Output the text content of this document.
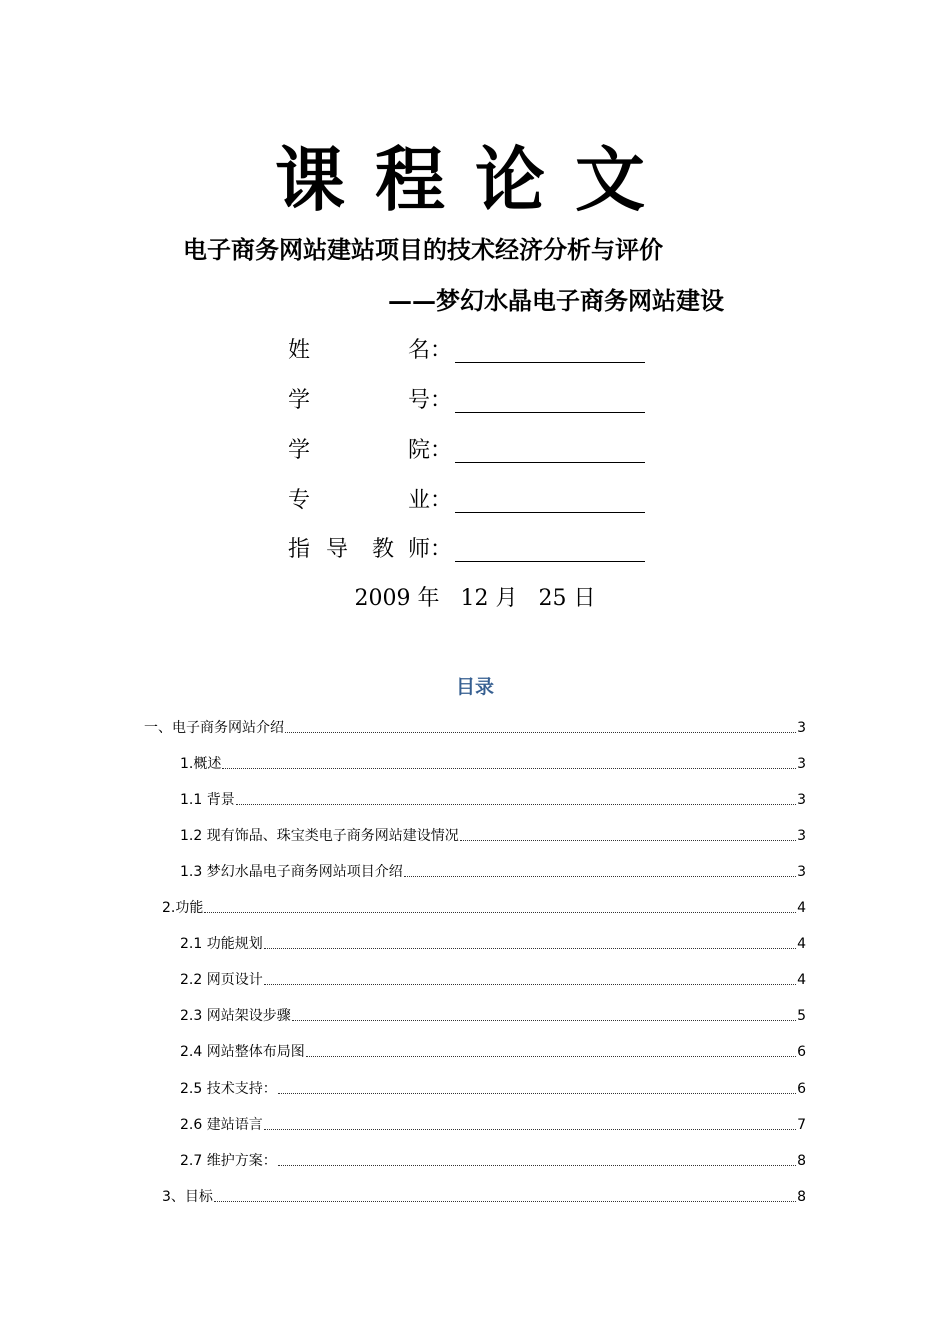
课程论文
电子商务网站建站项目的技术经济分析与评价
——梦幻水晶电子商务网站建设
姓	名：
学	号：
学	院：
专	业：
指 导 教 师：
2009 年   12 月   25 日
目录
一、电子商务网站介绍	3
1.概述	3
1.1 背景	3
1.2 现有饰品、珠宝类电子商务网站建设情况	3
1.3 梦幻水晶电子商务网站项目介绍	3
2.功能	4
2.1 功能规划	4
2.2 网页设计	4
2.3 网站架设步骤	5
2.4 网站整体布局图	6
2.5 技术支持：	6
2.6 建站语言	7
2.7 维护方案：	8
3、目标	8
